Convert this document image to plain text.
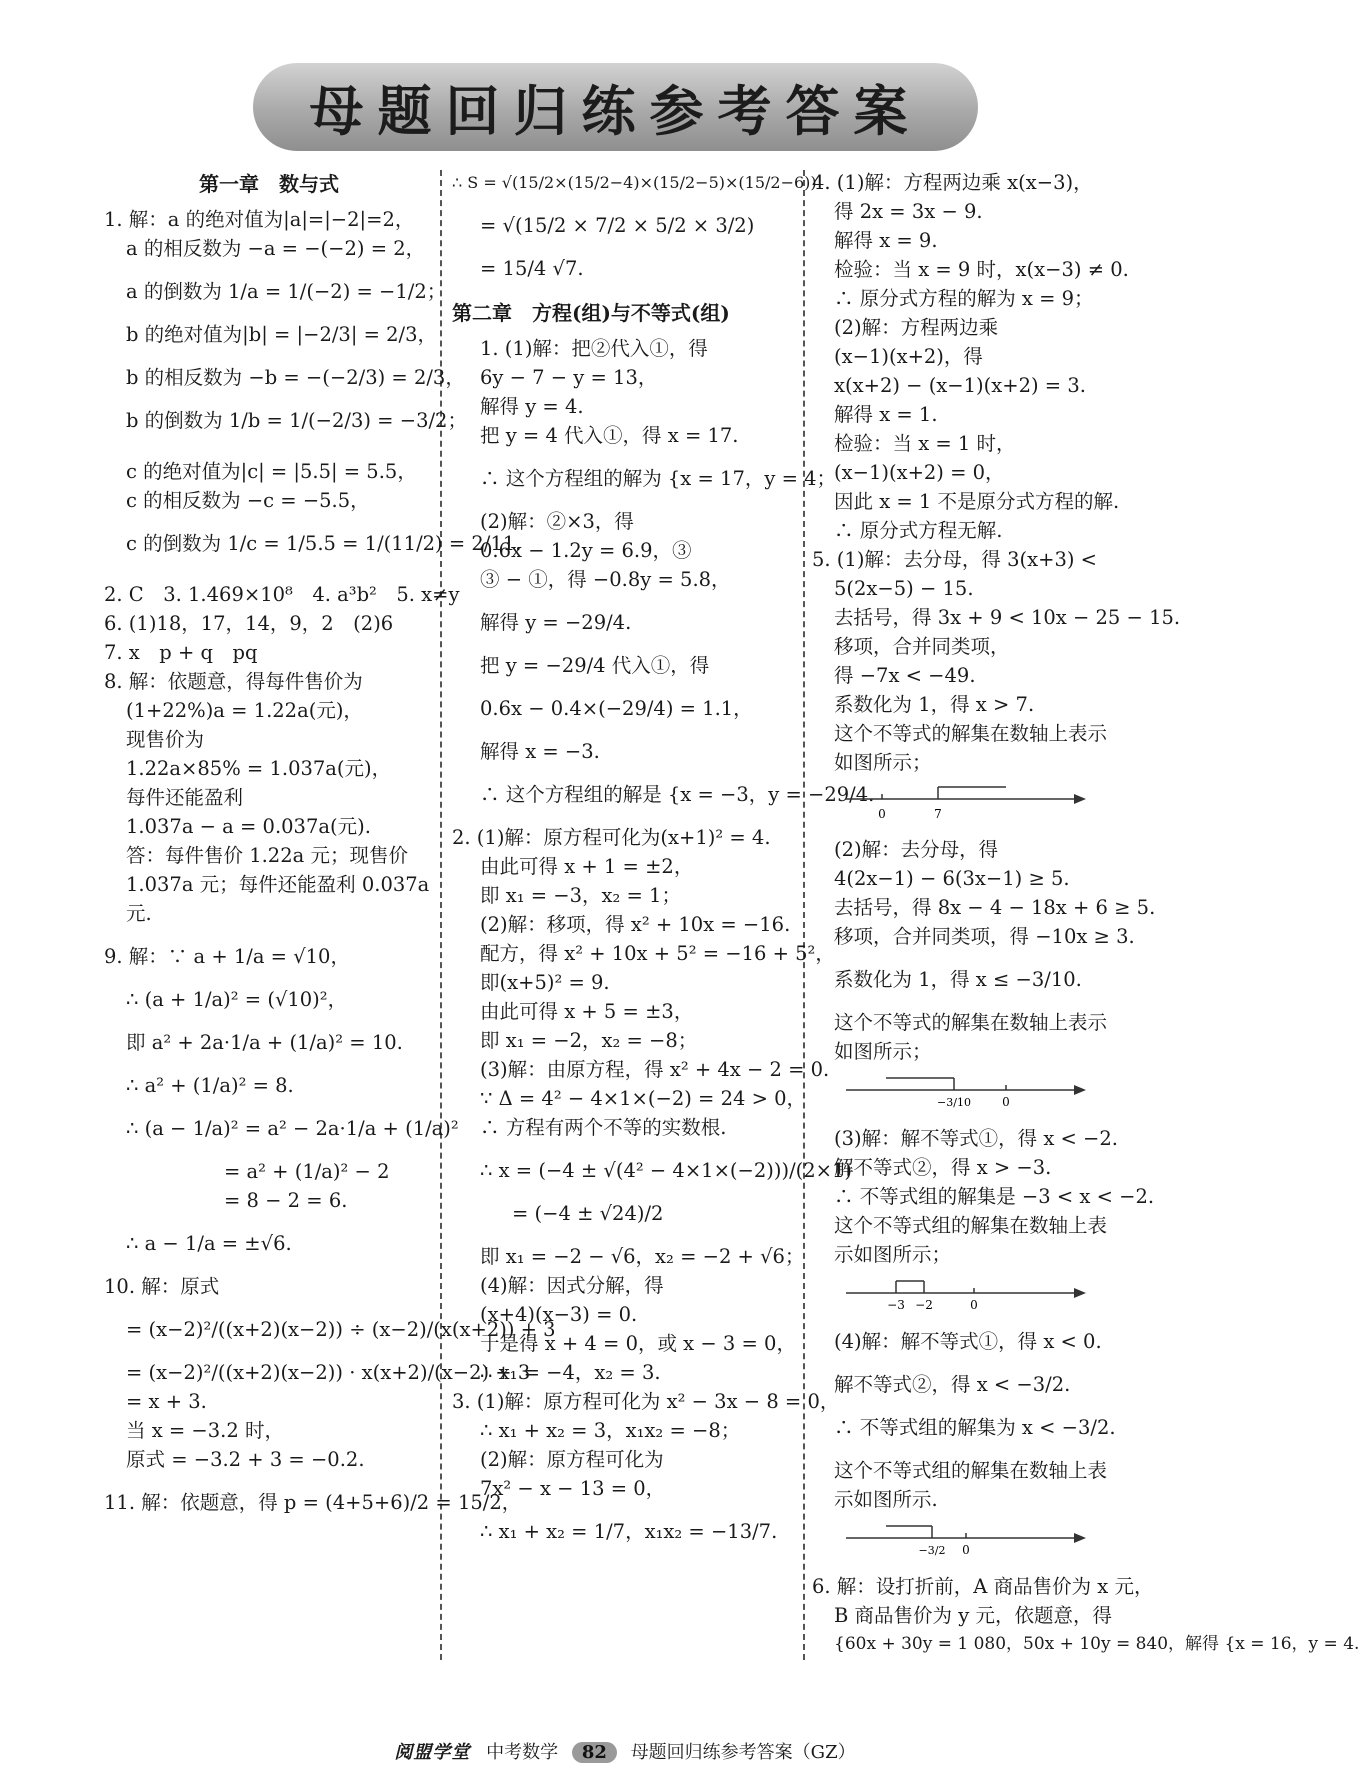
母题回归练参考答案
第一章　数与式
1. 解：a 的绝对值为|a|=|−2|=2，
a 的相反数为 −a = −(−2) = 2，
a 的倒数为 1/a = 1/(−2) = −1/2；
b 的绝对值为|b| = |−2/3| = 2/3，
b 的相反数为 −b = −(−2/3) = 2/3，
b 的倒数为 1/b = 1/(−2/3) = −3/2；
c 的绝对值为|c| = |5.5| = 5.5，
c 的相反数为 −c = −5.5，
c 的倒数为 1/c = 1/5.5 = 1/(11/2) = 2/11.
2. C　3. 1.469×10⁸　4. a³b²　5. x≠y
6. (1)18，17，14，9，2　(2)6
7. x　p + q　pq
8. 解：依题意，得每件售价为
(1+22%)a = 1.22a(元)，
现售价为
1.22a×85% = 1.037a(元)，
每件还能盈利
1.037a − a = 0.037a(元).
答：每件售价 1.22a 元；现售价
1.037a 元；每件还能盈利 0.037a
元.
9. 解：∵ a + 1/a = √10，
∴ (a + 1/a)² = (√10)²，
即 a² + 2a·1/a + (1/a)² = 10.
∴ a² + (1/a)² = 8.
∴ (a − 1/a)² = a² − 2a·1/a + (1/a)²
= a² + (1/a)² − 2
= 8 − 2 = 6.
∴ a − 1/a = ±√6.
10. 解：原式
= (x−2)²/((x+2)(x−2)) ÷ (x−2)/(x(x+2)) + 3
= (x−2)²/((x+2)(x−2)) · x(x+2)/(x−2) + 3
= x + 3.
当 x = −3.2 时，
原式 = −3.2 + 3 = −0.2.
11. 解：依题意，得 p = (4+5+6)/2 = 15/2，
∴ S = √(15/2×(15/2−4)×(15/2−5)×(15/2−6))
= √(15/2 × 7/2 × 5/2 × 3/2)
= 15/4 √7.
第二章　方程(组)与不等式(组)
1. (1)解：把②代入①，得
6y − 7 − y = 13，
解得 y = 4.
把 y = 4 代入①，得 x = 17.
∴ 这个方程组的解为 {x = 17，y = 4；
(2)解：②×3，得
0.6x − 1.2y = 6.9，③
③ − ①，得 −0.8y = 5.8，
解得 y = −29/4.
把 y = −29/4 代入①，得
0.6x − 0.4×(−29/4) = 1.1，
解得 x = −3.
∴ 这个方程组的解是 {x = −3，y = −29/4.
2. (1)解：原方程可化为(x+1)² = 4.
由此可得 x + 1 = ±2，
即 x₁ = −3，x₂ = 1；
(2)解：移项，得 x² + 10x = −16.
配方，得 x² + 10x + 5² = −16 + 5²，
即(x+5)² = 9.
由此可得 x + 5 = ±3，
即 x₁ = −2，x₂ = −8；
(3)解：由原方程，得 x² + 4x − 2 = 0.
∵ Δ = 4² − 4×1×(−2) = 24 > 0，
∴ 方程有两个不等的实数根.
∴ x = (−4 ± √(4² − 4×1×(−2)))/(2×1)
= (−4 ± √24)/2
即 x₁ = −2 − √6，x₂ = −2 + √6；
(4)解：因式分解，得
(x+4)(x−3) = 0.
于是得 x + 4 = 0，或 x − 3 = 0，
∴ x₁ = −4，x₂ = 3.
3. (1)解：原方程可化为 x² − 3x − 8 = 0，
∴ x₁ + x₂ = 3，x₁x₂ = −8；
(2)解：原方程可化为
7x² − x − 13 = 0，
∴ x₁ + x₂ = 1/7，x₁x₂ = −13/7.
4. (1)解：方程两边乘 x(x−3)，
得 2x = 3x − 9.
解得 x = 9.
检验：当 x = 9 时，x(x−3) ≠ 0.
∴ 原分式方程的解为 x = 9；
(2)解：方程两边乘
(x−1)(x+2)，得
x(x+2) − (x−1)(x+2) = 3.
解得 x = 1.
检验：当 x = 1 时，
(x−1)(x+2) = 0，
因此 x = 1 不是原分式方程的解.
∴ 原分式方程无解.
5. (1)解：去分母，得 3(x+3) <
5(2x−5) − 15.
去括号，得 3x + 9 < 10x − 25 − 15.
移项，合并同类项，
得 −7x < −49.
系数化为 1，得 x > 7.
这个不等式的解集在数轴上表示
如图所示；
0	7
(2)解：去分母，得
4(2x−1) − 6(3x−1) ≥ 5.
去括号，得 8x − 4 − 18x + 6 ≥ 5.
移项，合并同类项，得 −10x ≥ 3.
系数化为 1，得 x ≤ −3/10.
这个不等式的解集在数轴上表示
如图所示；
−3/10	0
(3)解：解不等式①，得 x < −2.
解不等式②，得 x > −3.
∴ 不等式组的解集是 −3 < x < −2.
这个不等式组的解集在数轴上表
示如图所示；
−3 −2	0
(4)解：解不等式①，得 x < 0.
解不等式②，得 x < −3/2.
∴ 不等式组的解集为 x < −3/2.
这个不等式组的解集在数轴上表
示如图所示.
−3/2 0
6. 解：设打折前，A 商品售价为 x 元，
B 商品售价为 y 元，依题意，得
{60x + 30y = 1 080，50x + 10y = 840，解得 {x = 16，y = 4.
阅盟学堂 中考数学 82 母题回归练参考答案（GZ）
